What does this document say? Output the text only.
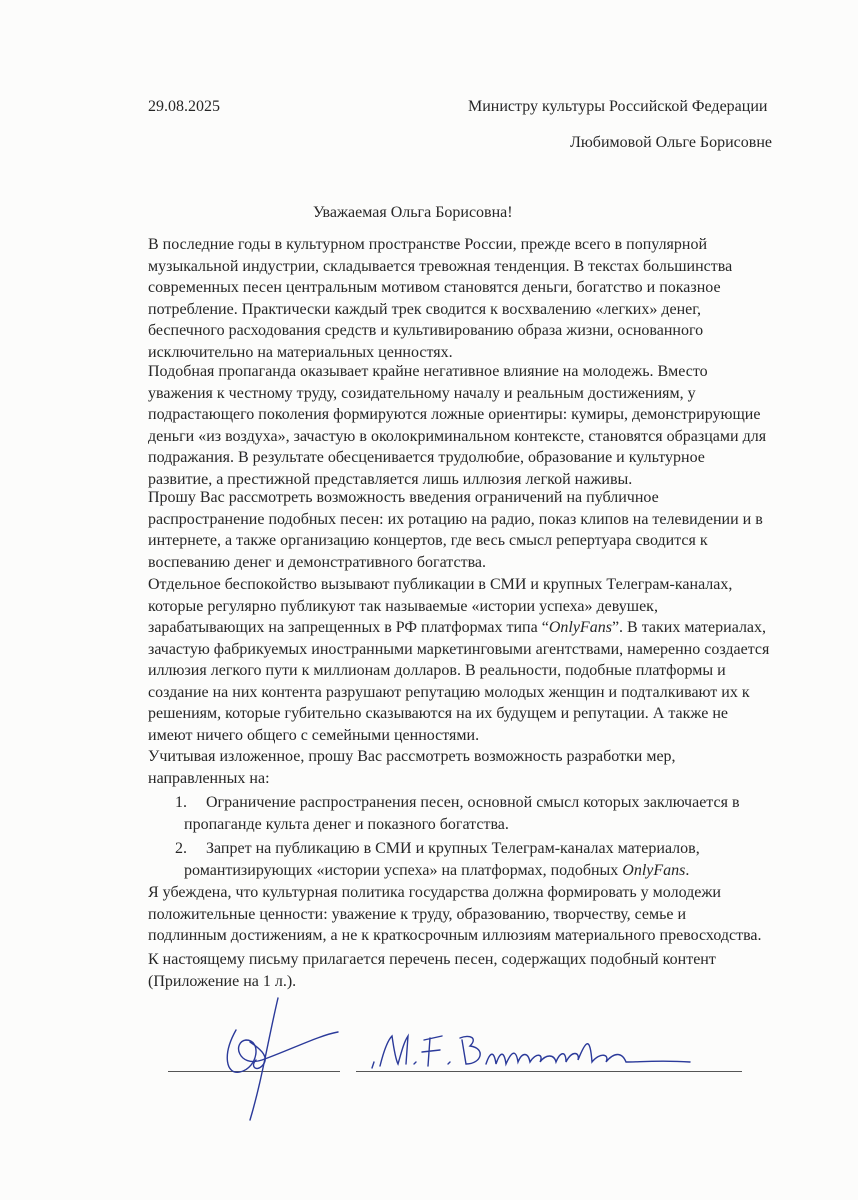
29.08.2025	Министру культуры Российской Федерации
Любимовой Ольге Борисовне
Уважаемая Ольга Борисовна!
В последние годы в культурном пространстве России, прежде всего в популярной
музыкальной индустрии, складывается тревожная тенденция. В текстах большинства
современных песен центральным мотивом становятся деньги, богатство и показное
потребление. Практически каждый трек сводится к восхвалению «легких» денег,
беспечного расходования средств и культивированию образа жизни, основанного
исключительно на материальных ценностях.
Подобная пропаганда оказывает крайне негативное влияние на молодежь. Вместо
уважения к честному труду, созидательному началу и реальным достижениям, у
подрастающего поколения формируются ложные ориентиры: кумиры, демонстрирующие
деньги «из воздуха», зачастую в околокриминальном контексте, становятся образцами для
подражания. В результате обесценивается трудолюбие, образование и культурное
развитие, а престижной представляется лишь иллюзия легкой наживы.
Прошу Вас рассмотреть возможность введения ограничений на публичное
распространение подобных песен: их ротацию на радио, показ клипов на телевидении и в
интернете, а также организацию концертов, где весь смысл репертуара сводится к
воспеванию денег и демонстративного богатства.
Отдельное беспокойство вызывают публикации в СМИ и крупных Телеграм-каналах,
которые регулярно публикуют так называемые «истории успеха» девушек,
зарабатывающих на запрещенных в РФ платформах типа “OnlyFans”. В таких материалах,
зачастую фабрикуемых иностранными маркетинговыми агентствами, намеренно создается
иллюзия легкого пути к миллионам долларов. В реальности, подобные платформы и
создание на них контента разрушают репутацию молодых женщин и подталкивают их к
решениям, которые губительно сказываются на их будущем и репутации. А также не
имеют ничего общего с семейными ценностями.
Учитывая изложенное, прошу Вас рассмотреть возможность разработки мер,
направленных на:
1.	Ограничение распространения песен, основной смысл которых заключается в
пропаганде культа денег и показного богатства.
2.	Запрет на публикацию в СМИ и крупных Телеграм-каналах материалов,
романтизирующих «истории успеха» на платформах, подобных OnlyFans.
Я убеждена, что культурная политика государства должна формировать у молодежи
положительные ценности: уважение к труду, образованию, творчеству, семье и
подлинным достижениям, а не к краткосрочным иллюзиям материального превосходства.
К настоящему письму прилагается перечень песен, содержащих подобный контент
(Приложение на 1 л.).
